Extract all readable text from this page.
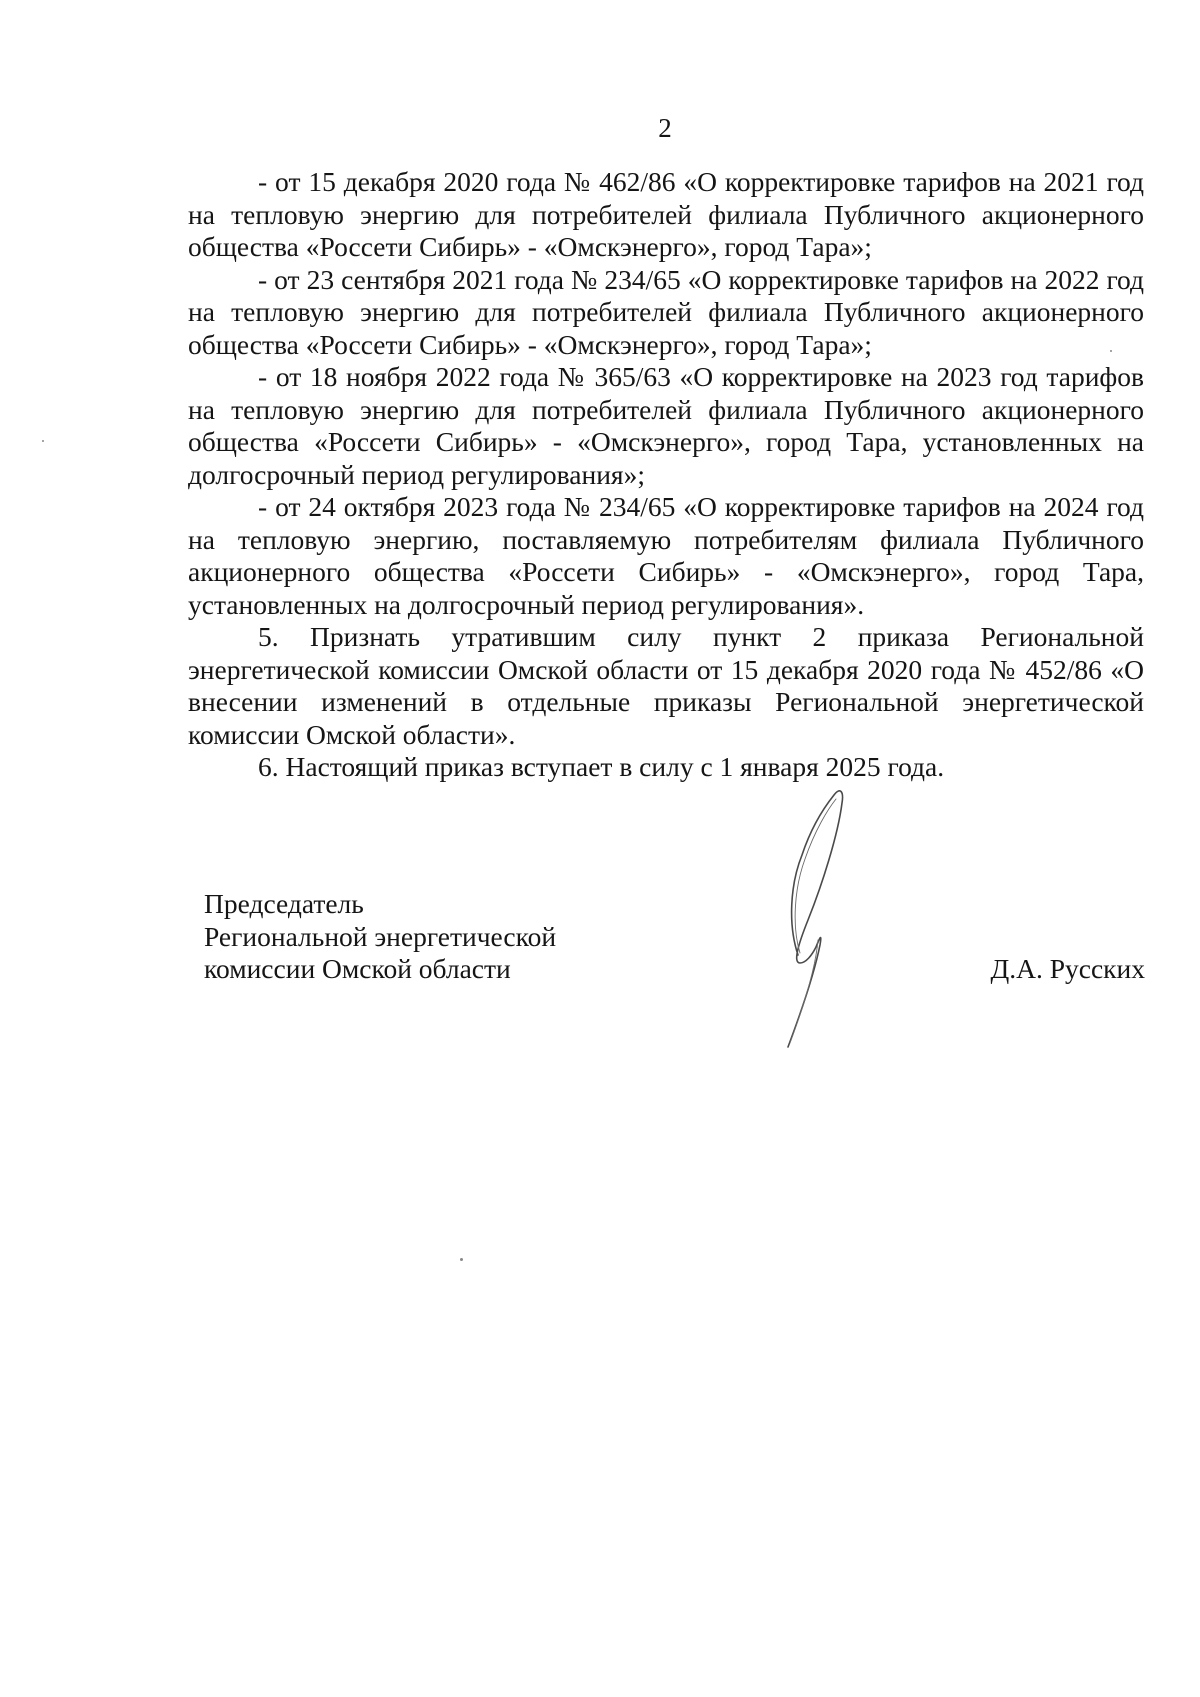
2

- от 15 декабря 2020 года № 462/86 «О корректировке тарифов на 2021 год на тепловую энергию для потребителей филиала Публичного акционерного общества «Россети Сибирь» - «Омскэнерго», город Тара»;

- от 23 сентября 2021 года № 234/65 «О корректировке тарифов на 2022 год на тепловую энергию для потребителей филиала Публичного акционерного общества «Россети Сибирь» - «Омскэнерго», город Тара»;

- от 18 ноября 2022 года № 365/63 «О корректировке на 2023 год тарифов на тепловую энергию для потребителей филиала Публичного акционерного общества «Россети Сибирь» - «Омскэнерго», город Тара, установленных на долгосрочный период регулирования»;

- от 24 октября 2023 года № 234/65 «О корректировке тарифов на 2024 год на тепловую энергию, поставляемую потребителям филиала Публичного акционерного общества «Россети Сибирь» - «Омскэнерго», город Тара, установленных на долгосрочный период регулирования».

5. Признать утратившим силу пункт 2 приказа Региональной энергетической комиссии Омской области от 15 декабря 2020 года № 452/86 «О внесении изменений в отдельные приказы Региональной энергетической комиссии Омской области».

6. Настоящий приказ вступает в силу с 1 января 2025 года.

Председатель
Региональной энергетической
комиссии Омской области	Д.А. Русских
